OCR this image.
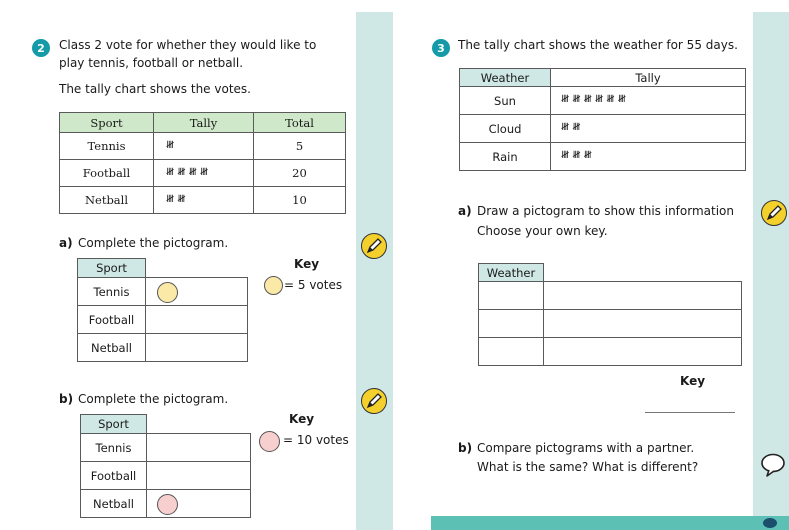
2	Class 2 vote for whether they would like to
play tennis, football or netball.
The tally chart shows the votes.
Sport	Tally	Total
Tennis	𝍸	5
Football	𝍸 𝍸 𝍸 𝍸	20
Netball	𝍸 𝍸	10
a) Complete the pictogram.
Sport	
Tennis	
Football	
Netball	
Key
= 5 votes
b) Complete the pictogram.
Sport	
Tennis	
Football	
Netball	
Key
= 10 votes
3	The tally chart shows the weather for 55 days.
Weather	Tally
Sun	𝍸 𝍸 𝍸 𝍸 𝍸 𝍸
Cloud	𝍸 𝍸
Rain	𝍸 𝍸 𝍸
a) Draw a pictogram to show this information
Choose your own key.
Weather	

Key
b) Compare pictograms with a partner.
What is the same? What is different?
